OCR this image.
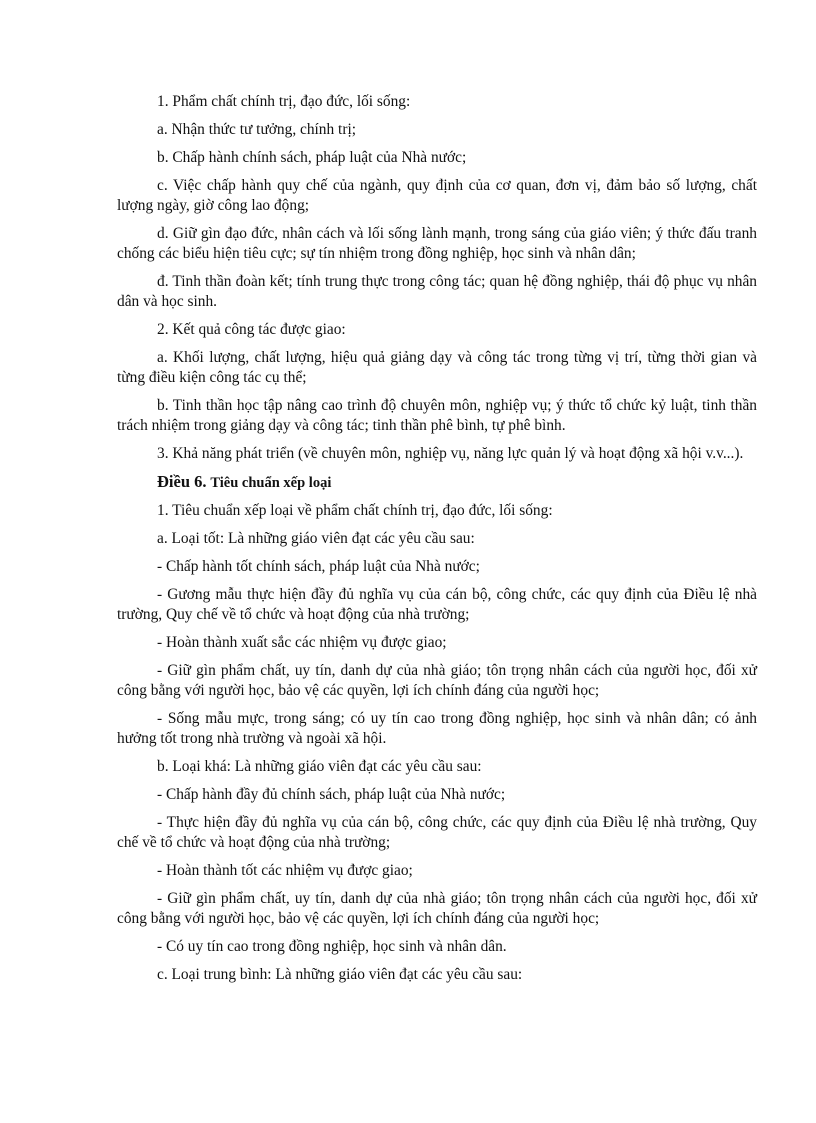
1. Phẩm chất chính trị, đạo đức, lối sống:

a. Nhận thức tư tưởng, chính trị;

b. Chấp hành chính sách, pháp luật của Nhà nước;

c. Việc chấp hành quy chế của ngành, quy định của cơ quan, đơn vị, đảm bảo số lượng, chất lượng ngày, giờ công lao động;

d. Giữ gìn đạo đức, nhân cách và lối sống lành mạnh, trong sáng của giáo viên; ý thức đấu tranh chống các biểu hiện tiêu cực; sự tín nhiệm trong đồng nghiệp, học sinh và nhân dân;

đ. Tinh thần đoàn kết; tính trung thực trong công tác; quan hệ đồng nghiệp, thái độ phục vụ nhân dân và học sinh.

2. Kết quả công tác được giao:

a. Khối lượng, chất lượng, hiệu quả giảng dạy và công tác trong từng vị trí, từng thời gian và từng điều kiện công tác cụ thể;

b. Tinh thần học tập nâng cao trình độ chuyên môn, nghiệp vụ; ý thức tổ chức kỷ luật, tinh thần trách nhiệm trong giảng dạy và công tác; tinh thần phê bình, tự phê bình.

3. Khả năng phát triển (về chuyên môn, nghiệp vụ, năng lực quản lý và hoạt động xã hội v.v...).

Điều 6. Tiêu chuẩn xếp loại

1. Tiêu chuẩn xếp loại về phẩm chất chính trị, đạo đức, lối sống:

a. Loại tốt: Là những giáo viên đạt các yêu cầu sau:

- Chấp hành tốt chính sách, pháp luật của Nhà nước;

- Gương mẫu thực hiện đầy đủ nghĩa vụ của cán bộ, công chức, các quy định của Điều lệ nhà trường, Quy chế về tổ chức và hoạt động của nhà trường;

- Hoàn thành xuất sắc các nhiệm vụ được giao;

- Giữ gìn phẩm chất, uy tín, danh dự của nhà giáo; tôn trọng nhân cách của người học, đối xử công bằng với người học, bảo vệ các quyền, lợi ích chính đáng của người học;

- Sống mẫu mực, trong sáng; có uy tín cao trong đồng nghiệp, học sinh và nhân dân; có ảnh hưởng tốt trong nhà trường và ngoài xã hội.

b. Loại khá: Là những giáo viên đạt các yêu cầu sau:

- Chấp hành đầy đủ chính sách, pháp luật của Nhà nước;

- Thực hiện đầy đủ nghĩa vụ của cán bộ, công chức, các quy định của Điều lệ nhà trường, Quy chế về tổ chức và hoạt động của nhà trường;

- Hoàn thành tốt các nhiệm vụ được giao;

- Giữ gìn phẩm chất, uy tín, danh dự của nhà giáo; tôn trọng nhân cách của người học, đối xử công bằng với người học, bảo vệ các quyền, lợi ích chính đáng của người học;

- Có uy tín cao trong đồng nghiệp, học sinh và nhân dân.

c. Loại trung bình: Là những giáo viên đạt các yêu cầu sau:
